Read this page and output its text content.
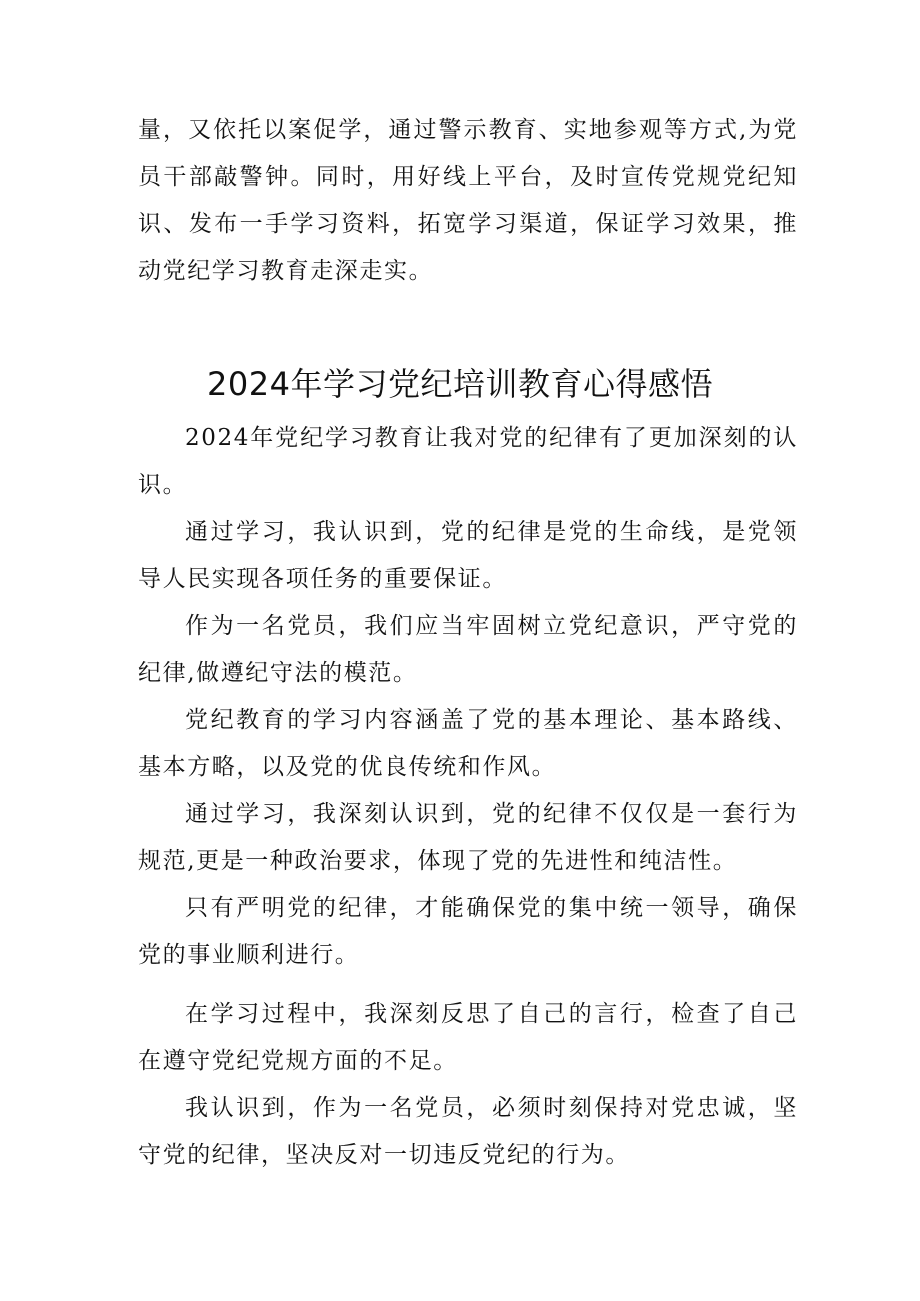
量，又依托以案促学，通过警示教育、实地参观等方式,为党员干部敲警钟。同时，用好线上平台，及时宣传党规党纪知识、发布一手学习资料，拓宽学习渠道，保证学习效果，推动党纪学习教育走深走实。

2024年学习党纪培训教育心得感悟

2024年党纪学习教育让我对党的纪律有了更加深刻的认识。

通过学习，我认识到，党的纪律是党的生命线，是党领导人民实现各项任务的重要保证。

作为一名党员，我们应当牢固树立党纪意识，严守党的纪律,做遵纪守法的模范。

党纪教育的学习内容涵盖了党的基本理论、基本路线、基本方略，以及党的优良传统和作风。

通过学习，我深刻认识到，党的纪律不仅仅是一套行为规范,更是一种政治要求，体现了党的先进性和纯洁性。

只有严明党的纪律，才能确保党的集中统一领导，确保党的事业顺利进行。

在学习过程中，我深刻反思了自己的言行，检查了自己在遵守党纪党规方面的不足。

我认识到，作为一名党员，必须时刻保持对党忠诚，坚守党的纪律，坚决反对一切违反党纪的行为。
